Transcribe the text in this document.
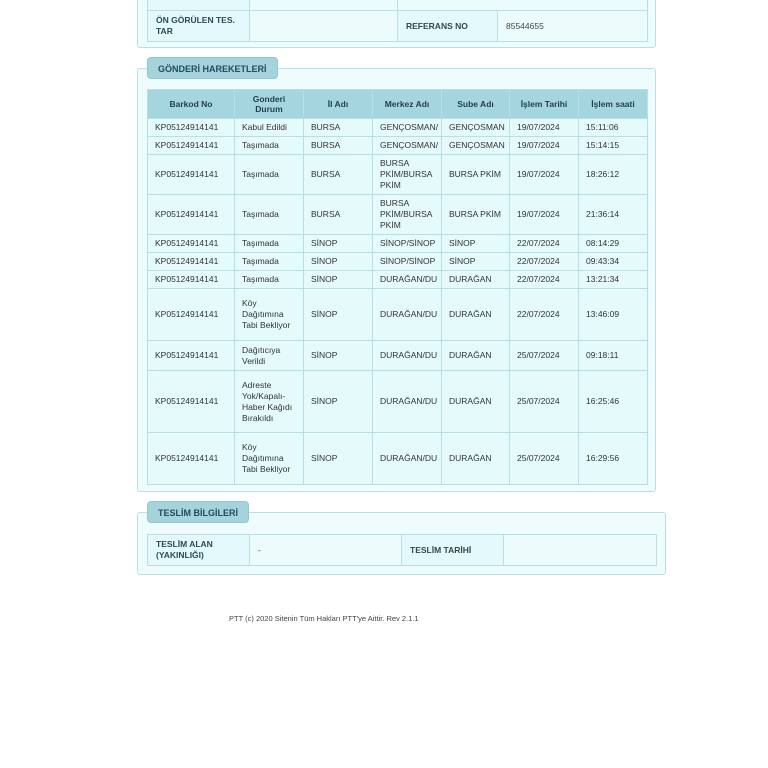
ÖN GÖRÜLEN TES. TAR		REFERANS NO	85544655
GÖNDERİ HAREKETLERİ
Barkod No	Gonderi Durum	İl Adı	Merkez Adı	Sube Adı	İşlem Tarihi	İşlem saati
KP05124914141	Kabul Edildi	BURSA	GENÇOSMAN/	GENÇOSMAN	19/07/2024	15:11:06
KP05124914141	Taşımada	BURSA	GENÇOSMAN/	GENÇOSMAN	19/07/2024	15:14:15
KP05124914141	Taşımada	BURSA	BURSA PKİM/BURSA PKİM	BURSA PKİM	19/07/2024	18:26:12
KP05124914141	Taşımada	BURSA	BURSA PKİM/BURSA PKİM	BURSA PKİM	19/07/2024	21:36:14
KP05124914141	Taşımada	SİNOP	SİNOP/SİNOP	SİNOP	22/07/2024	08:14:29
KP05124914141	Taşımada	SİNOP	SİNOP/SİNOP	SİNOP	22/07/2024	09:43:34
KP05124914141	Taşımada	SİNOP	DURAĞAN/DU	DURAĞAN	22/07/2024	13:21:34
KP05124914141	Köy Dağıtımına Tabi Bekliyor	SİNOP	DURAĞAN/DU	DURAĞAN	22/07/2024	13:46:09
KP05124914141	Dağıtıcıya Verildi	SİNOP	DURAĞAN/DU	DURAĞAN	25/07/2024	09:18:11
KP05124914141	Adreste Yok/Kapalı-Haber Kağıdı Bırakıldı	SİNOP	DURAĞAN/DU	DURAĞAN	25/07/2024	16:25:46
KP05124914141	Köy Dağıtımına Tabi Bekliyor	SİNOP	DURAĞAN/DU	DURAĞAN	25/07/2024	16:29:56
TESLİM BİLGİLERİ
TESLİM ALAN (YAKINLIĞI)	-	TESLİM TARİHİ	
PTT (c) 2020 Sitenin Tüm Hakları PTT'ye Aittir. Rev 2.1.1
